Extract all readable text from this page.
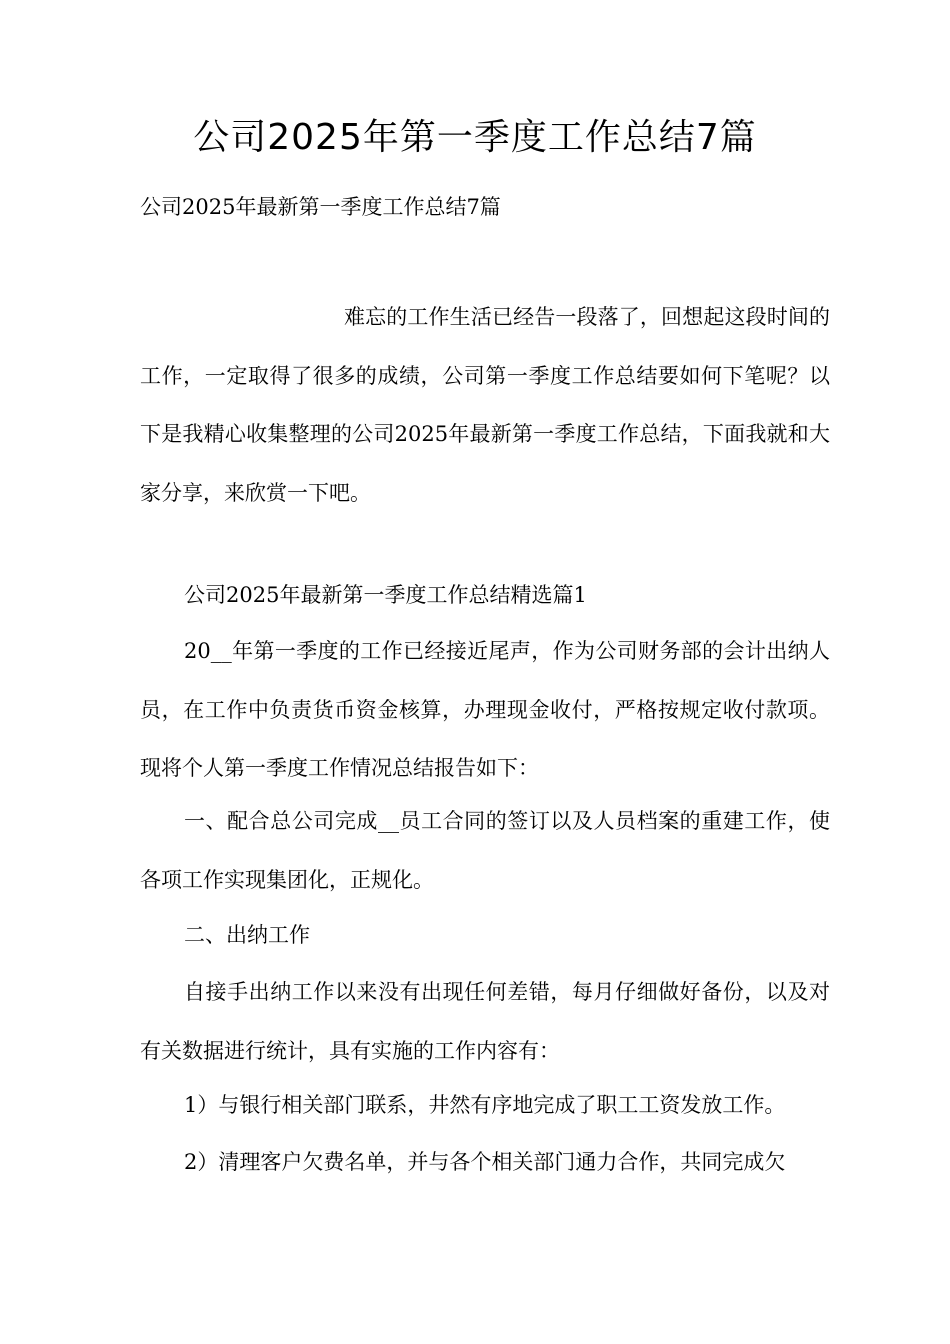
公司2025年第一季度工作总结7篇

公司2025年最新第一季度工作总结7篇

难忘的工作生活已经告一段落了，回想起这段时间的工作，一定取得了很多的成绩，公司第一季度工作总结要如何下笔呢？以下是我精心收集整理的公司2025年最新第一季度工作总结，下面我就和大家分享，来欣赏一下吧。

公司2025年最新第一季度工作总结精选篇1

20__年第一季度的工作已经接近尾声，作为公司财务部的会计出纳人员，在工作中负责货币资金核算，办理现金收付，严格按规定收付款项。现将个人第一季度工作情况总结报告如下：

一、配合总公司完成__员工合同的签订以及人员档案的重建工作，使各项工作实现集团化，正规化。

二、出纳工作

自接手出纳工作以来没有出现任何差错，每月仔细做好备份，以及对有关数据进行统计，具有实施的工作内容有：

1）与银行相关部门联系，井然有序地完成了职工工资发放工作。

2）清理客户欠费名单，并与各个相关部门通力合作，共同完成欠
